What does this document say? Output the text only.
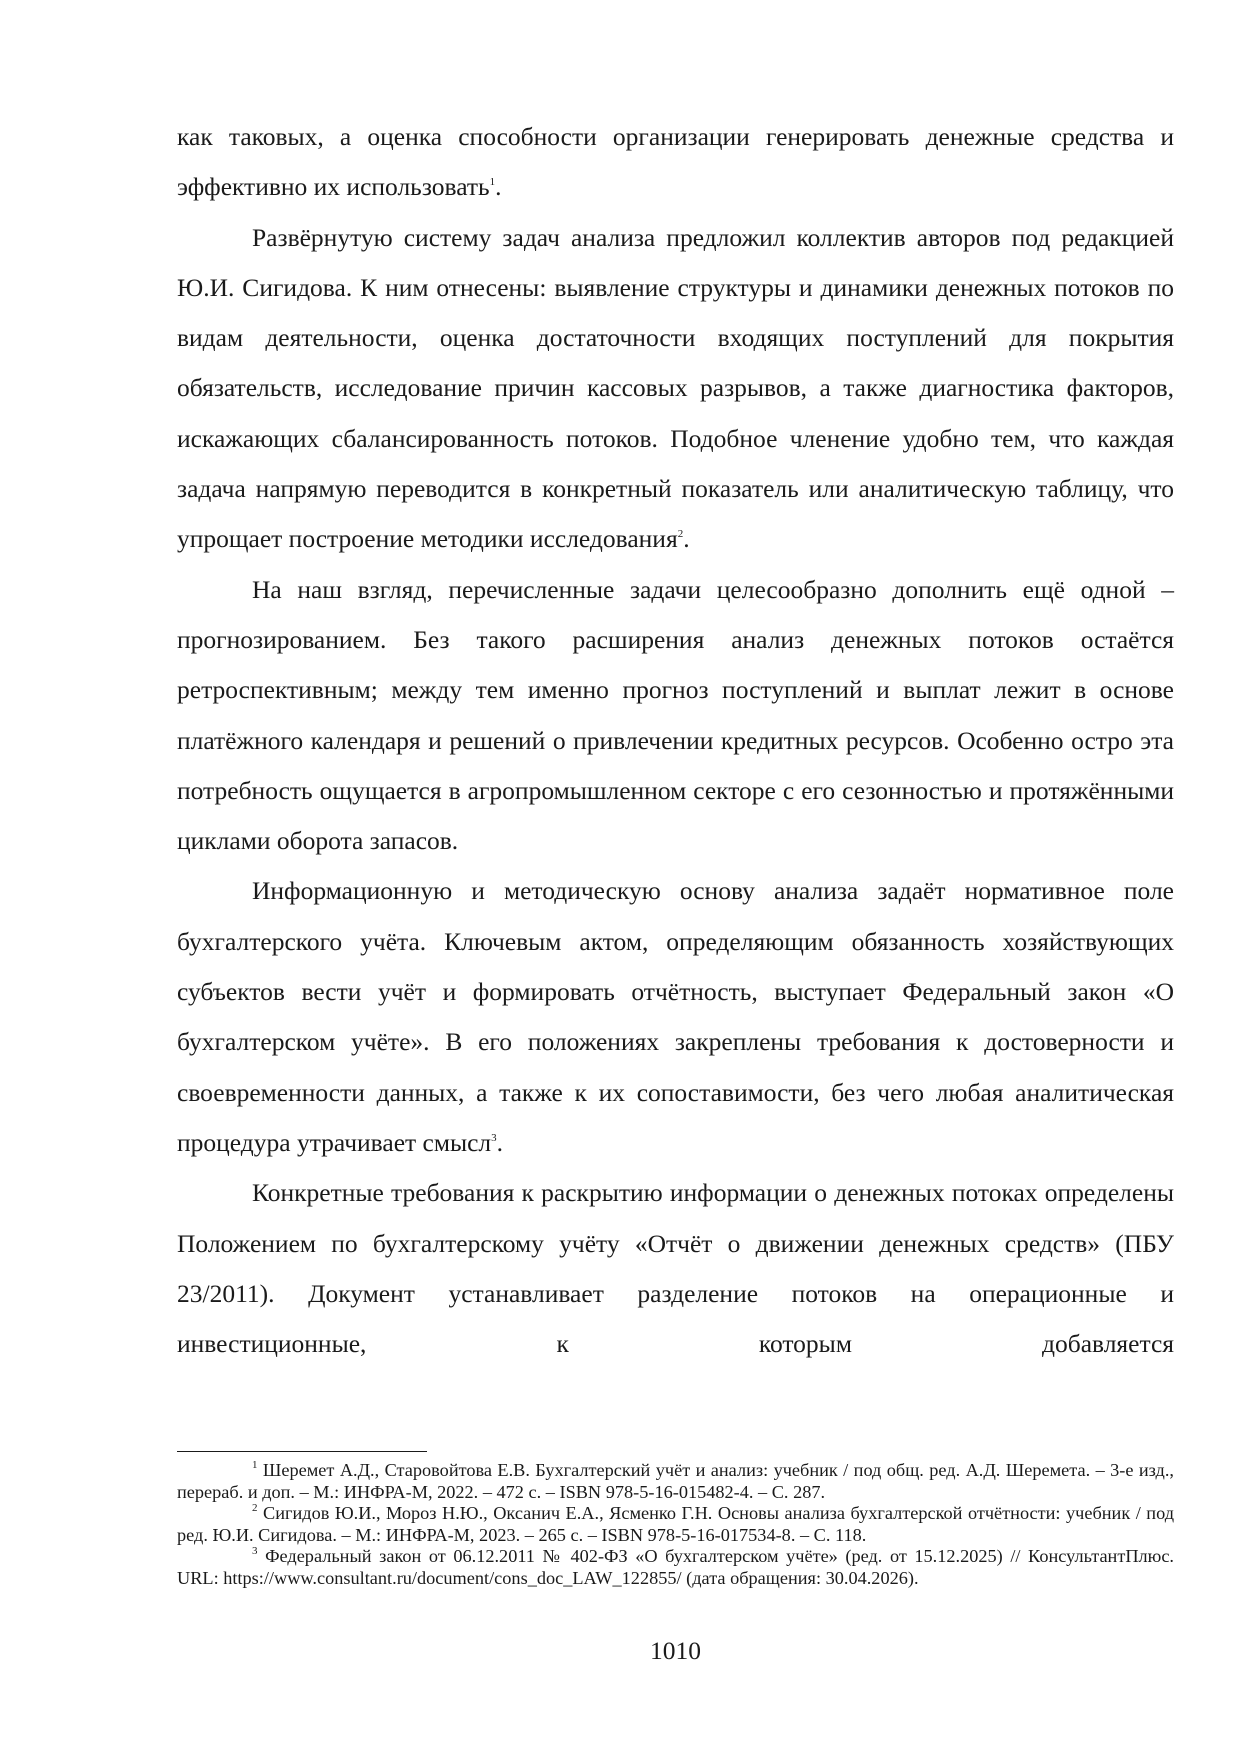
как таковых, а оценка способности организации генерировать денежные средства и эффективно их использовать$^1$.

Развёрнутую систему задач анализа предложил коллектив авторов под редакцией Ю.И. Сигидова. К ним отнесены: выявление структуры и динамики денежных потоков по видам деятельности, оценка достаточности входящих поступлений для покрытия обязательств, исследование причин кассовых разрывов, а также диагностика факторов, искажающих сбалансированность потоков. Подобное членение удобно тем, что каждая задача напрямую переводится в конкретный показатель или аналитическую таблицу, что упрощает построение методики исследования$^2$.

На наш взгляд, перечисленные задачи целесообразно дополнить ещё одной – прогнозированием. Без такого расширения анализ денежных потоков остаётся ретроспективным; между тем именно прогноз поступлений и выплат лежит в основе платёжного календаря и решений о привлечении кредитных ресурсов. Особенно остро эта потребность ощущается в агропромышленном секторе с его сезонностью и протяжёнными циклами оборота запасов.

Информационную и методическую основу анализа задаёт нормативное поле бухгалтерского учёта. Ключевым актом, определяющим обязанность хозяйствующих субъектов вести учёт и формировать отчётность, выступает Федеральный закон «О бухгалтерском учёте». В его положениях закреплены требования к достоверности и своевременности данных, а также к их сопоставимости, без чего любая аналитическая процедура утрачивает смысл$^3$.

Конкретные требования к раскрытию информации о денежных потоках определены Положением по бухгалтерскому учёту «Отчёт о движении денежных средств» (ПБУ 23/2011). Документ устанавливает разделение потоков на операционные и инвестиционные, к которым добавляется

$^1$ Шеремет А.Д., Старовойтова Е.В. Бухгалтерский учёт и анализ: учебник / под общ. ред. А.Д. Шеремета. – 3-е изд., перераб. и доп. – М.: ИНФРА-М, 2022. – 472 с. – ISBN 978-5-16-015482-4. – С. 287.

$^2$ Сигидов Ю.И., Мороз Н.Ю., Оксанич Е.А., Ясменко Г.Н. Основы анализа бухгалтерской отчётности: учебник / под ред. Ю.И. Сигидова. – М.: ИНФРА-М, 2023. – 265 с. – ISBN 978-5-16-017534-8. – С. 118.

$^3$ Федеральный закон от 06.12.2011 № 402-ФЗ «О бухгалтерском учёте» (ред. от 15.12.2025) // КонсультантПлюс. URL: https://www.consultant.ru/document/cons_doc_LAW_122855/ (дата обращения: 30.04.2026).

1010
